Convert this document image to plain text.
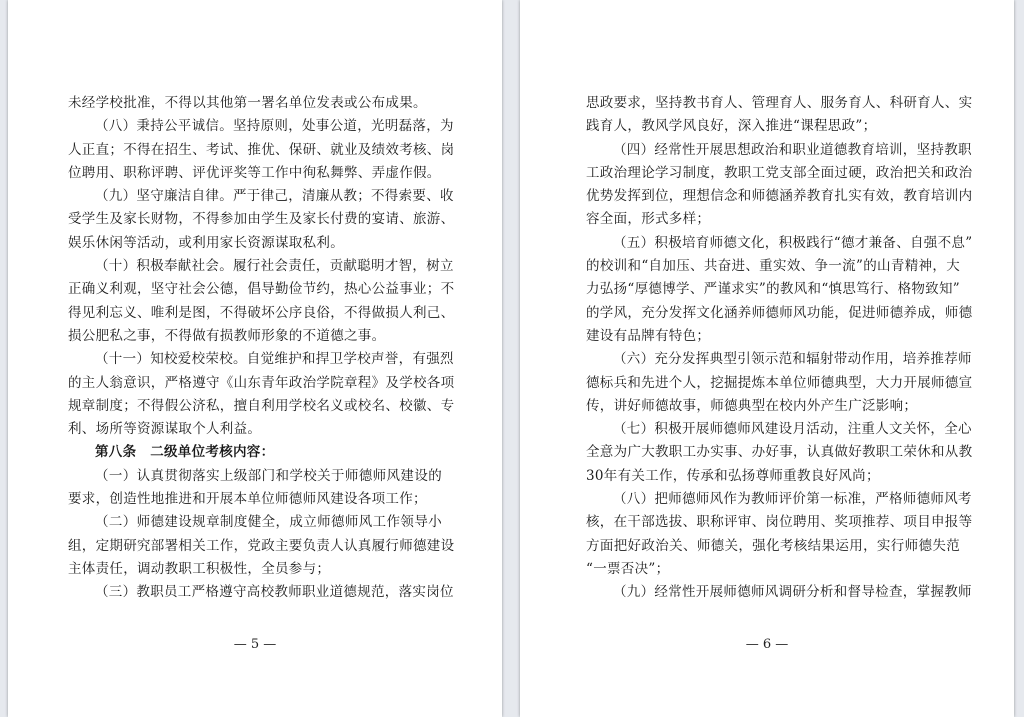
未经学校批准，不得以其他第一署名单位发表或公布成果。
（八）秉持公平诚信。坚持原则，处事公道，光明磊落，为
人正直；不得在招生、考试、推优、保研、就业及绩效考核、岗
位聘用、职称评聘、评优评奖等工作中徇私舞弊、弄虚作假。
（九）坚守廉洁自律。严于律己，清廉从教；不得索要、收
受学生及家长财物，不得参加由学生及家长付费的宴请、旅游、
娱乐休闲等活动，或利用家长资源谋取私利。
（十）积极奉献社会。履行社会责任，贡献聪明才智，树立
正确义利观，坚守社会公德，倡导勤俭节约，热心公益事业；不
得见利忘义、唯利是图，不得破坏公序良俗，不得做损人利己、
损公肥私之事，不得做有损教师形象的不道德之事。
（十一）知校爱校荣校。自觉维护和捍卫学校声誉，有强烈
的主人翁意识，严格遵守《山东青年政治学院章程》及学校各项
规章制度；不得假公济私，擅自利用学校名义或校名、校徽、专
利、场所等资源谋取个人利益。
第八条　二级单位考核内容：
（一）认真贯彻落实上级部门和学校关于师德师风建设的
要求，创造性地推进和开展本单位师德师风建设各项工作；
（二）师德建设规章制度健全，成立师德师风工作领导小
组，定期研究部署相关工作，党政主要负责人认真履行师德建设
主体责任，调动教职工积极性，全员参与；
（三）教职员工严格遵守高校教师职业道德规范，落实岗位
— 5 —
思政要求，坚持教书育人、管理育人、服务育人、科研育人、实
践育人，教风学风良好，深入推进“课程思政”；
（四）经常性开展思想政治和职业道德教育培训，坚持教职
工政治理论学习制度，教职工党支部全面过硬，政治把关和政治
优势发挥到位，理想信念和师德涵养教育扎实有效，教育培训内
容全面，形式多样；
（五）积极培育师德文化，积极践行“德才兼备、自强不息”
的校训和“自加压、共奋进、重实效、争一流”的山青精神，大
力弘扬“厚德博学、严谨求实”的教风和“慎思笃行、格物致知”
的学风，充分发挥文化涵养师德师风功能，促进师德养成，师德
建设有品牌有特色；
（六）充分发挥典型引领示范和辐射带动作用，培养推荐师
德标兵和先进个人，挖掘提炼本单位师德典型，大力开展师德宣
传，讲好师德故事，师德典型在校内外产生广泛影响；
（七）积极开展师德师风建设月活动，注重人文关怀，全心
全意为广大教职工办实事、办好事，认真做好教职工荣休和从教
30年有关工作，传承和弘扬尊师重教良好风尚；
（八）把师德师风作为教师评价第一标准，严格师德师风考
核，在干部选拔、职称评审、岗位聘用、奖项推荐、项目申报等
方面把好政治关、师德关，强化考核结果运用，实行师德失范
“一票否决”；
（九）经常性开展师德师风调研分析和督导检查，掌握教师
— 6 —
